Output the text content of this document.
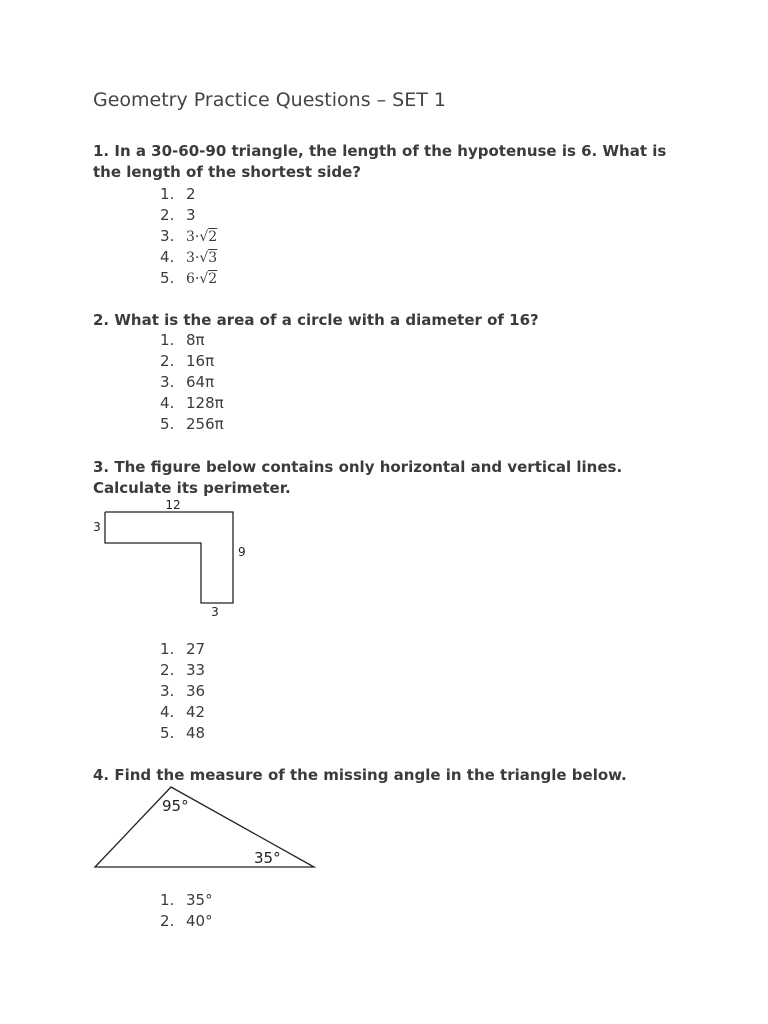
Geometry Practice Questions – SET 1

1. In a 30-60-90 triangle, the length of the hypotenuse is 6. What is the length of the shortest side?

1. 2
2. 3
3. 3·√2
4. 3·√3
5. 6·√2

2. What is the area of a circle with a diameter of 16?

1. 8π
2. 16π
3. 64π
4. 128π
5. 256π

3. The figure below contains only horizontal and vertical lines. Calculate its perimeter.

12
3
9
3
1. 27
2. 33
3. 36
4. 42
5. 48

4. Find the measure of the missing angle in the triangle below.

95°
35°
1. 35°
2. 40°
